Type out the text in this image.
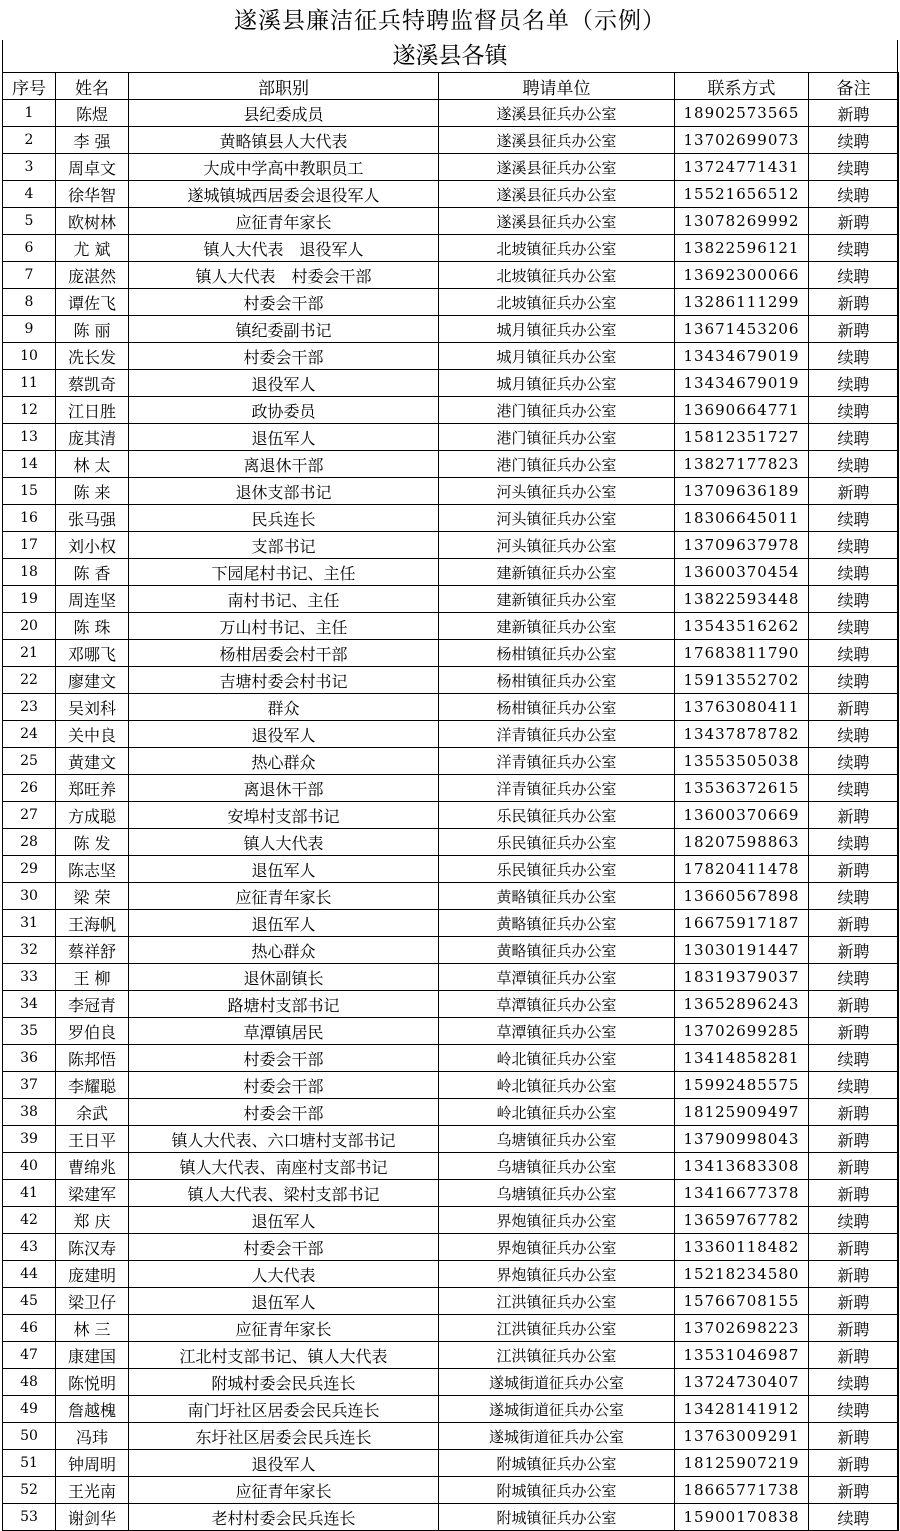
遂溪县廉洁征兵特聘监督员名单（示例）
遂溪县各镇
序号	姓名	部职别	聘请单位	联系方式	备注
1	陈煜	县纪委成员	遂溪县征兵办公室	18902573565	新聘
2	李 强	黄略镇县人大代表	遂溪县征兵办公室	13702699073	续聘
3	周卓文	大成中学高中教职员工	遂溪县征兵办公室	13724771431	续聘
4	徐华智	遂城镇城西居委会退役军人	遂溪县征兵办公室	15521656512	续聘
5	欧树林	应征青年家长	遂溪县征兵办公室	13078269992	新聘
6	尤 斌	镇人大代表　退役军人	北坡镇征兵办公室	13822596121	续聘
7	庞湛然	镇人大代表　村委会干部	北坡镇征兵办公室	13692300066	续聘
8	谭佐飞	村委会干部	北坡镇征兵办公室	13286111299	新聘
9	陈 丽	镇纪委副书记	城月镇征兵办公室	13671453206	新聘
10	冼长发	村委会干部	城月镇征兵办公室	13434679019	续聘
11	蔡凯奇	退役军人	城月镇征兵办公室	13434679019	续聘
12	江日胜	政协委员	港门镇征兵办公室	13690664771	续聘
13	庞其清	退伍军人	港门镇征兵办公室	15812351727	续聘
14	林 太	离退休干部	港门镇征兵办公室	13827177823	续聘
15	陈 来	退休支部书记	河头镇征兵办公室	13709636189	新聘
16	张马强	民兵连长	河头镇征兵办公室	18306645011	续聘
17	刘小权	支部书记	河头镇征兵办公室	13709637978	续聘
18	陈 香	下园尾村书记、主任	建新镇征兵办公室	13600370454	续聘
19	周连坚	南村书记、主任	建新镇征兵办公室	13822593448	续聘
20	陈 珠	万山村书记、主任	建新镇征兵办公室	13543516262	续聘
21	邓哪飞	杨柑居委会村干部	杨柑镇征兵办公室	17683811790	续聘
22	廖建文	吉塘村委会村书记	杨柑镇征兵办公室	15913552702	续聘
23	吴刘科	群众	杨柑镇征兵办公室	13763080411	新聘
24	关中良	退役军人	洋青镇征兵办公室	13437878782	续聘
25	黄建文	热心群众	洋青镇征兵办公室	13553505038	续聘
26	郑旺养	离退休干部	洋青镇征兵办公室	13536372615	续聘
27	方成聪	安埠村支部书记	乐民镇征兵办公室	13600370669	新聘
28	陈 发	镇人大代表	乐民镇征兵办公室	18207598863	续聘
29	陈志坚	退伍军人	乐民镇征兵办公室	17820411478	新聘
30	梁 荣	应征青年家长	黄略镇征兵办公室	13660567898	续聘
31	王海帆	退伍军人	黄略镇征兵办公室	16675917187	新聘
32	蔡祥舒	热心群众	黄略镇征兵办公室	13030191447	新聘
33	王 柳	退休副镇长	草潭镇征兵办公室	18319379037	续聘
34	李冠青	路塘村支部书记	草潭镇征兵办公室	13652896243	新聘
35	罗伯良	草潭镇居民	草潭镇征兵办公室	13702699285	新聘
36	陈邦悟	村委会干部	岭北镇征兵办公室	13414858281	续聘
37	李耀聪	村委会干部	岭北镇征兵办公室	15992485575	续聘
38	余武	村委会干部	岭北镇征兵办公室	18125909497	新聘
39	王日平	镇人大代表、六口塘村支部书记	乌塘镇征兵办公室	13790998043	新聘
40	曹绵兆	镇人大代表、南座村支部书记	乌塘镇征兵办公室	13413683308	新聘
41	梁建军	镇人大代表、梁村支部书记	乌塘镇征兵办公室	13416677378	新聘
42	郑 庆	退伍军人	界炮镇征兵办公室	13659767782	续聘
43	陈汉寿	村委会干部	界炮镇征兵办公室	13360118482	新聘
44	庞建明	人大代表	界炮镇征兵办公室	15218234580	新聘
45	梁卫仔	退伍军人	江洪镇征兵办公室	15766708155	新聘
46	林 三	应征青年家长	江洪镇征兵办公室	13702698223	新聘
47	康建国	江北村支部书记、镇人大代表	江洪镇征兵办公室	13531046987	新聘
48	陈悦明	附城村委会民兵连长	遂城街道征兵办公室	13724730407	续聘
49	詹越槐	南门圩社区居委会民兵连长	遂城街道征兵办公室	13428141912	续聘
50	冯玮	东圩社区居委会民兵连长	遂城街道征兵办公室	13763009291	新聘
51	钟周明	退役军人	附城镇征兵办公室	18125907219	新聘
52	王光南	应征青年家长	附城镇征兵办公室	18665771738	新聘
53	谢剑华	老村村委会民兵连长	附城镇征兵办公室	15900170838	续聘
